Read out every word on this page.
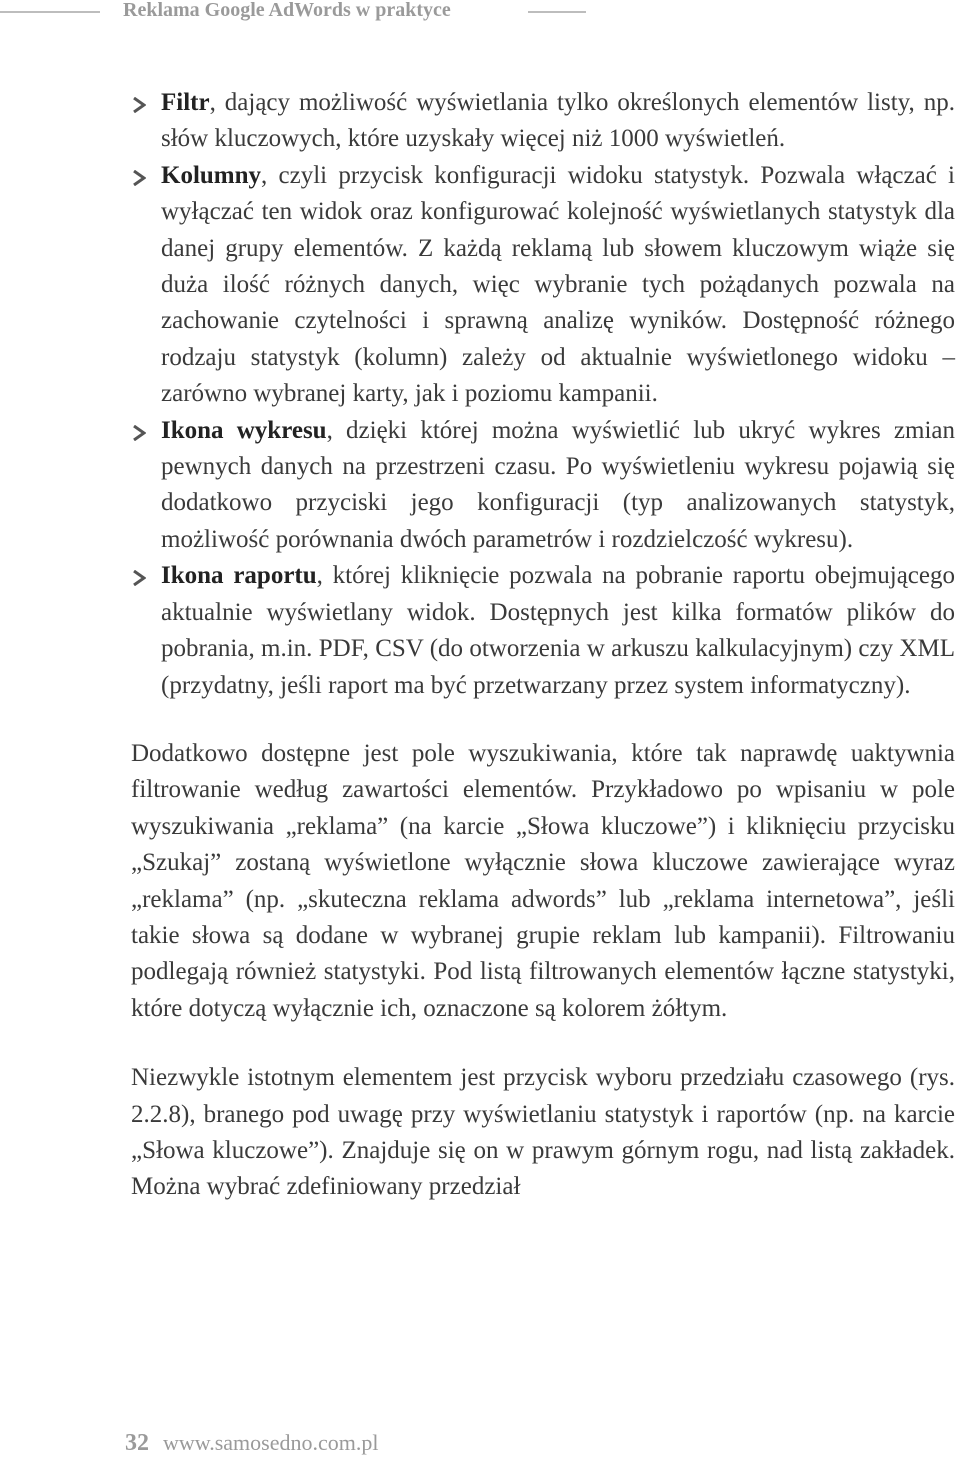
Reklama Google AdWords w praktyce
Filtr, dający możliwość wyświetlania tylko określonych elementów listy, np. słów kluczowych, które uzyskały więcej niż 1000 wyświetleń.
Kolumny, czyli przycisk konfiguracji widoku statystyk. Pozwala włączać i wyłączać ten widok oraz konfigurować kolejność wyświetlanych statystyk dla danej grupy elementów. Z każdą reklamą lub słowem kluczowym wiąże się duża ilość różnych danych, więc wybranie tych pożądanych pozwala na zachowanie czytelności i sprawną analizę wyników. Dostępność różnego rodzaju statystyk (kolumn) zależy od aktualnie wyświetlonego widoku – zarówno wybranej karty, jak i poziomu kampanii.
Ikona wykresu, dzięki której można wyświetlić lub ukryć wykres zmian pewnych danych na przestrzeni czasu. Po wyświetleniu wykresu pojawią się dodatkowo przyciski jego konfiguracji (typ analizowanych statystyk, możliwość porównania dwóch parametrów i rozdzielczość wykresu).
Ikona raportu, której kliknięcie pozwala na pobranie raportu obejmującego aktualnie wyświetlany widok. Dostępnych jest kilka formatów plików do pobrania, m.in. PDF, CSV (do otworzenia w arkuszu kalkulacyjnym) czy XML (przydatny, jeśli raport ma być przetwarzany przez system informatyczny).

Dodatkowo dostępne jest pole wyszukiwania, które tak naprawdę uaktywnia filtrowanie według zawartości elementów. Przykładowo po wpisaniu w pole wyszukiwania „reklama” (na karcie „Słowa kluczowe”) i kliknięciu przycisku „Szukaj” zostaną wyświetlone wyłącznie słowa kluczowe zawierające wyraz „reklama” (np. „skuteczna reklama adwords” lub „reklama internetowa”, jeśli takie słowa są dodane w wybranej grupie reklam lub kampanii). Filtrowaniu podlegają również statystyki. Pod listą filtrowanych elementów łączne statystyki, które dotyczą wyłącznie ich, oznaczone są kolorem żółtym.

Niezwykle istotnym elementem jest przycisk wyboru przedziału czasowego (rys. 2.2.8), branego pod uwagę przy wyświetlaniu statystyk i raportów (np. na karcie „Słowa kluczowe”). Znajduje się on w prawym górnym rogu, nad listą zakładek. Można wybrać zdefiniowany przedział

32 www.samosedno.com.pl
